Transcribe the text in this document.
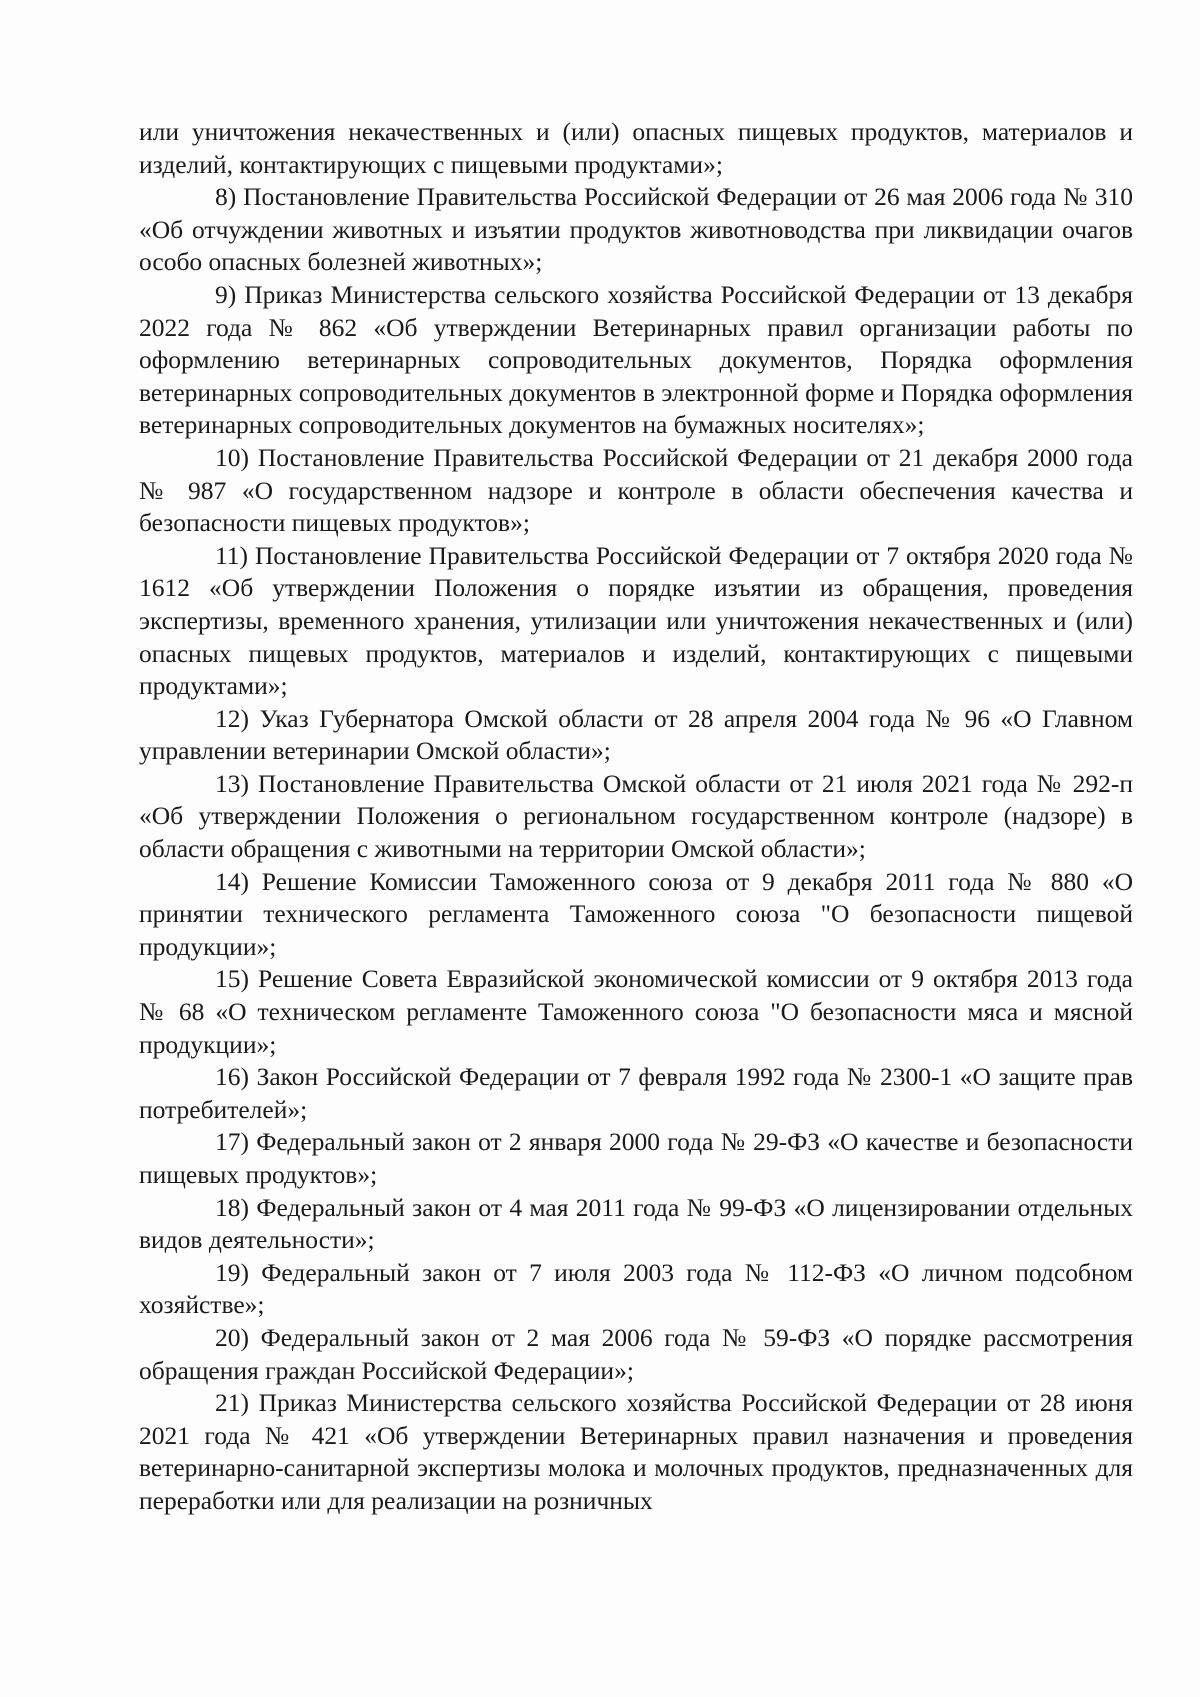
или уничтожения некачественных и (или) опасных пищевых продуктов, материалов и изделий, контактирующих с пищевыми продуктами»;

8) Постановление Правительства Российской Федерации от 26 мая 2006 года № 310 «Об отчуждении животных и изъятии продуктов животноводства при ликвидации очагов особо опасных болезней животных»;

9) Приказ Министерства сельского хозяйства Российской Федерации от 13 декабря 2022 года № 862 «Об утверждении Ветеринарных правил организации работы по оформлению ветеринарных сопроводительных документов, Порядка оформления ветеринарных сопроводительных документов в электронной форме и Порядка оформления ветеринарных сопроводительных документов на бумажных носителях»;

10) Постановление Правительства Российской Федерации от 21 декабря 2000 года № 987 «О государственном надзоре и контроле в области обеспечения качества и безопасности пищевых продуктов»;

11) Постановление Правительства Российской Федерации от 7 октября 2020 года № 1612 «Об утверждении Положения о порядке изъятии из обращения, проведения экспертизы, временного хранения, утилизации или уничтожения некачественных и (или) опасных пищевых продуктов, материалов и изделий, контактирующих с пищевыми продуктами»;

12) Указ Губернатора Омской области от 28 апреля 2004 года № 96 «О Главном управлении ветеринарии Омской области»;

13) Постановление Правительства Омской области от 21 июля 2021 года № 292-п «Об утверждении Положения о региональном государственном контроле (надзоре) в области обращения с животными на территории Омской области»;

14) Решение Комиссии Таможенного союза от 9 декабря 2011 года № 880 «О принятии технического регламента Таможенного союза "О безопасности пищевой продукции»;

15) Решение Совета Евразийской экономической комиссии от 9 октября 2013 года № 68 «О техническом регламенте Таможенного союза "О безопасности мяса и мясной продукции»;

16) Закон Российской Федерации от 7 февраля 1992 года № 2300-1 «О защите прав потребителей»;

17) Федеральный закон от 2 января 2000 года № 29-ФЗ «О качестве и безопасности пищевых продуктов»;

18) Федеральный закон от 4 мая 2011 года № 99-ФЗ «О лицензировании отдельных видов деятельности»;

19) Федеральный закон от 7 июля 2003 года № 112-ФЗ «О личном подсобном хозяйстве»;

20) Федеральный закон от 2 мая 2006 года № 59-ФЗ «О порядке рассмотрения обращения граждан Российской Федерации»;

21) Приказ Министерства сельского хозяйства Российской Федерации от 28 июня 2021 года № 421 «Об утверждении Ветеринарных правил назначения и проведения ветеринарно-санитарной экспертизы молока и молочных продуктов, предназначенных для переработки или для реализации на розничных
